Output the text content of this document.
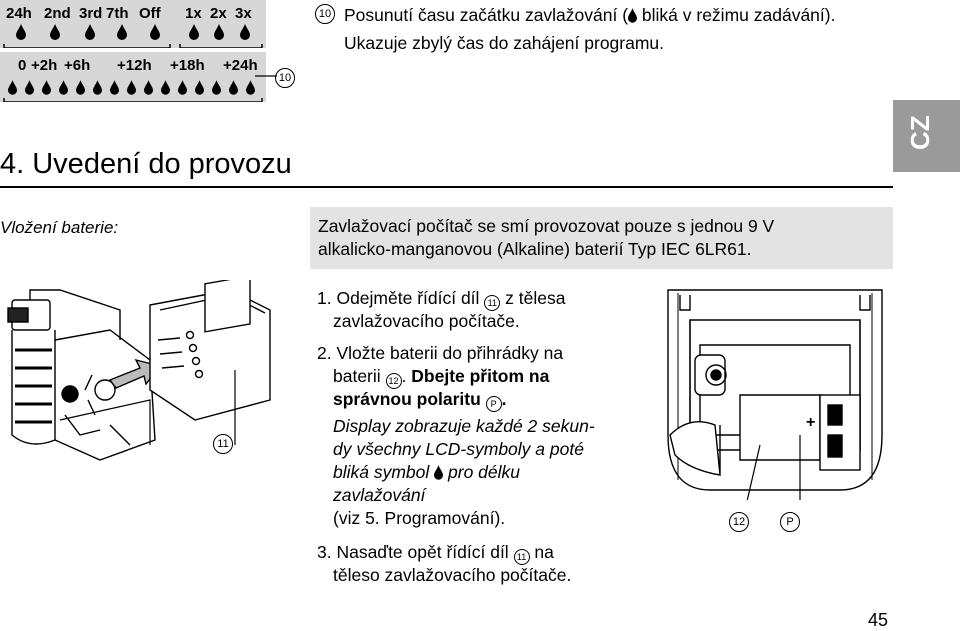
24h 2nd 3rd 7th Off 1x 2x 3x
0 +2h +6h +12h +18h +24h
10
10 Posunutí času začátku zavlažování ( bliká v režimu zadávání).
Ukazuje zbylý čas do zahájení programu.
CZ
4. Uvedení do provozu
Vložení baterie:	Zavlažovací počítač se smí provozovat pouze s jednou 9 V
alkalicko-manganovou (Alkaline) baterií Typ IEC 6LR61.

11
1. Odejměte řídící díl 11 z tělesa
zavlažovacího počítače.
2. Vložte baterii do přihrádky na
baterii 12 . Dbejte přitom na
správnou polaritu P .
Display zobrazuje každé 2 sekun-
dy všechny LCD-symboly a poté
bliká symbol  pro délku
zavlažování
(viz 5. Programování).
3. Nasaďte opět řídící díl 11 na
těleso zavlažovacího počítače.
+
12	P
45
